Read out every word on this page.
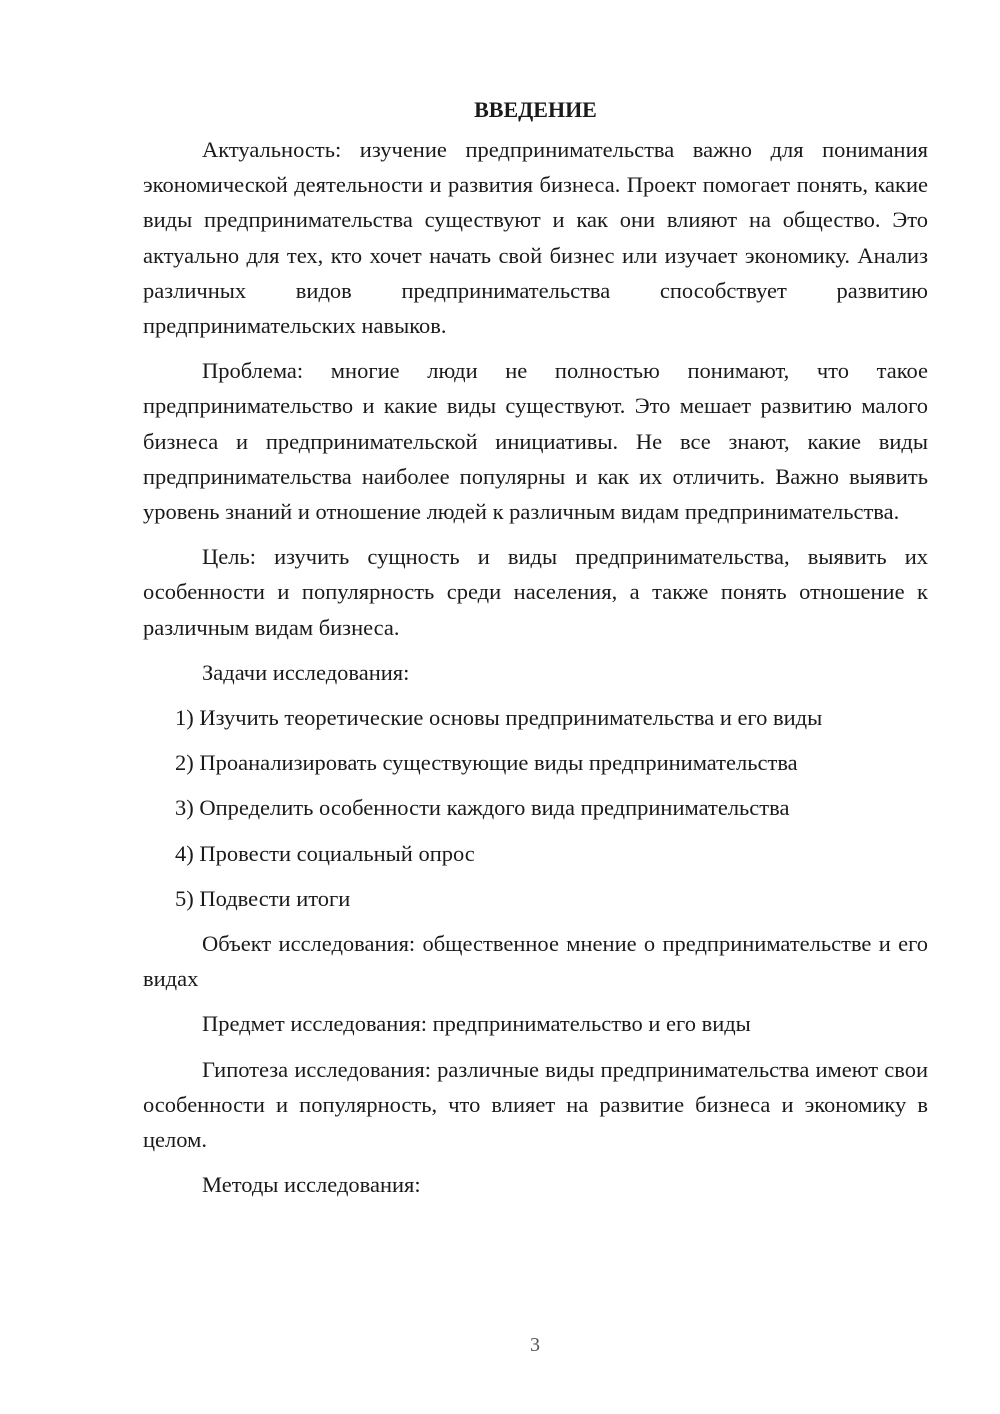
ВВЕДЕНИЕ

Актуальность: изучение предпринимательства важно для понимания экономической деятельности и развития бизнеса. Проект помогает понять, какие виды предпринимательства существуют и как они влияют на общество. Это актуально для тех, кто хочет начать свой бизнес или изучает экономику. Анализ различных видов предпринимательства способствует развитию предпринимательских навыков.

Проблема: многие люди не полностью понимают, что такое предпринимательство и какие виды существуют. Это мешает развитию малого бизнеса и предпринимательской инициативы. Не все знают, какие виды предпринимательства наиболее популярны и как их отличить. Важно выявить уровень знаний и отношение людей к различным видам предпринимательства.

Цель: изучить сущность и виды предпринимательства, выявить их особенности и популярность среди населения, а также понять отношение к различным видам бизнеса.

Задачи исследования:

1) Изучить теоретические основы предпринимательства и его виды
2) Проанализировать существующие виды предпринимательства
3) Определить особенности каждого вида предпринимательства
4) Провести социальный опрос
5) Подвести итоги

Объект исследования: общественное мнение о предпринимательстве и его видах

Предмет исследования: предпринимательство и его виды

Гипотеза исследования: различные виды предпринимательства имеют свои особенности и популярность, что влияет на развитие бизнеса и экономику в целом.

Методы исследования:

3
